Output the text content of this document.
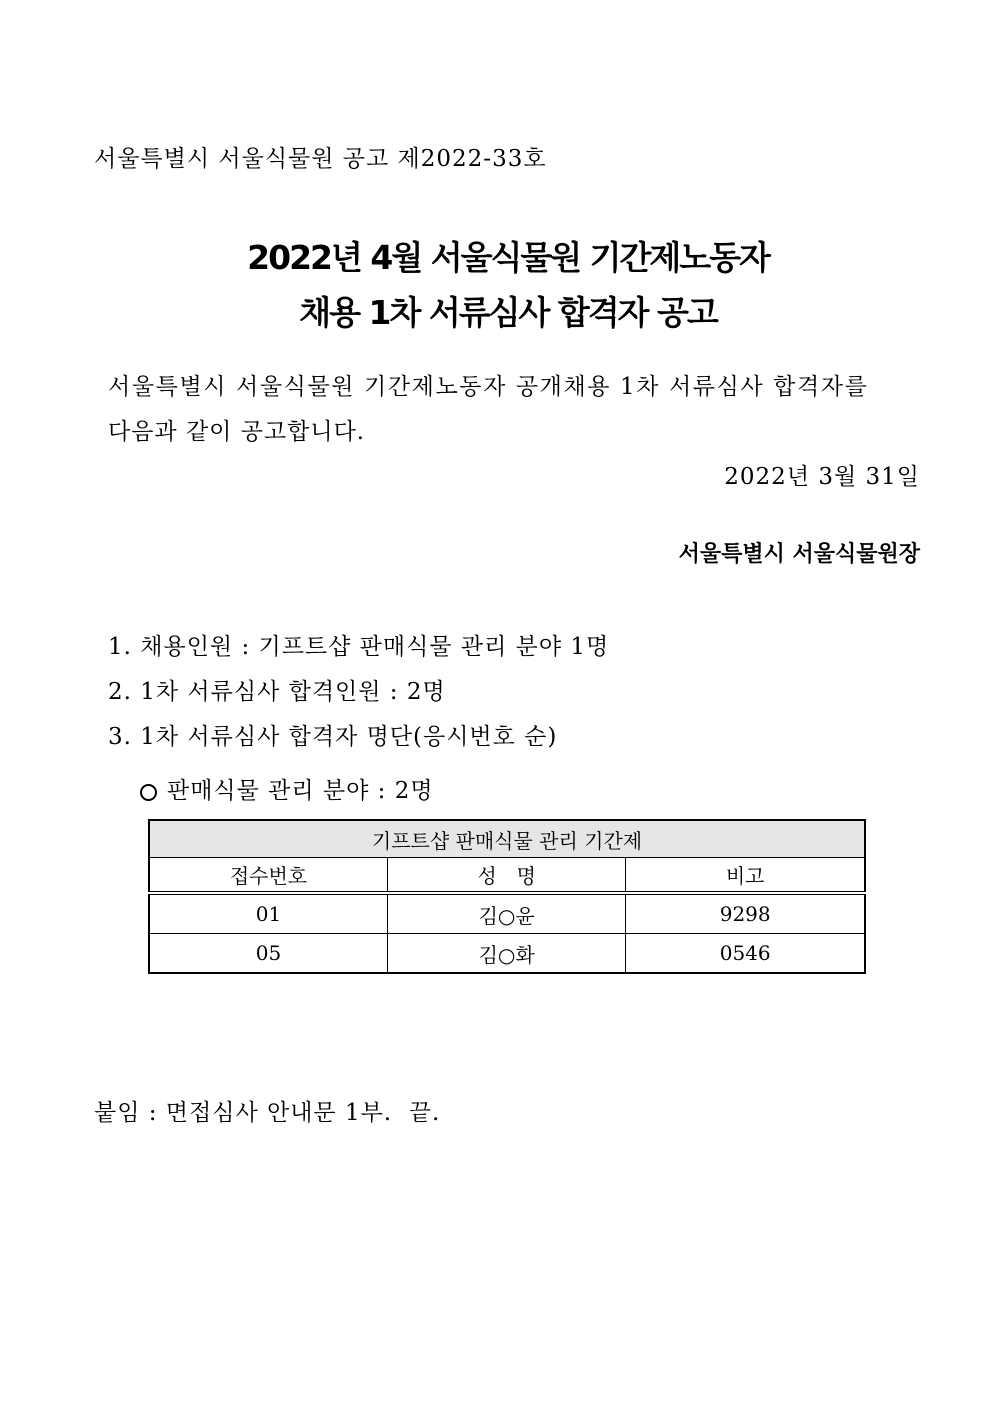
서울특별시 서울식물원 공고 제2022-33호
2022년 4월 서울식물원 기간제노동자
채용 1차 서류심사 합격자 공고
서울특별시 서울식물원 기간제노동자 공개채용 1차 서류심사 합격자를
다음과 같이 공고합니다.
2022년 3월 31일
서울특별시 서울식물원장
1. 채용인원 : 기프트샵 판매식물 관리 분야 1명
2. 1차 서류심사 합격인원 : 2명
3. 1차 서류심사 합격자 명단(응시번호 순)
판매식물 관리 분야 : 2명
기프트샵 판매식물 관리 기간제		
접수번호	성　명	비고
01	김○윤	9298
05	김○화	0546
붙임 : 면접심사 안내문 1부.  끝.
